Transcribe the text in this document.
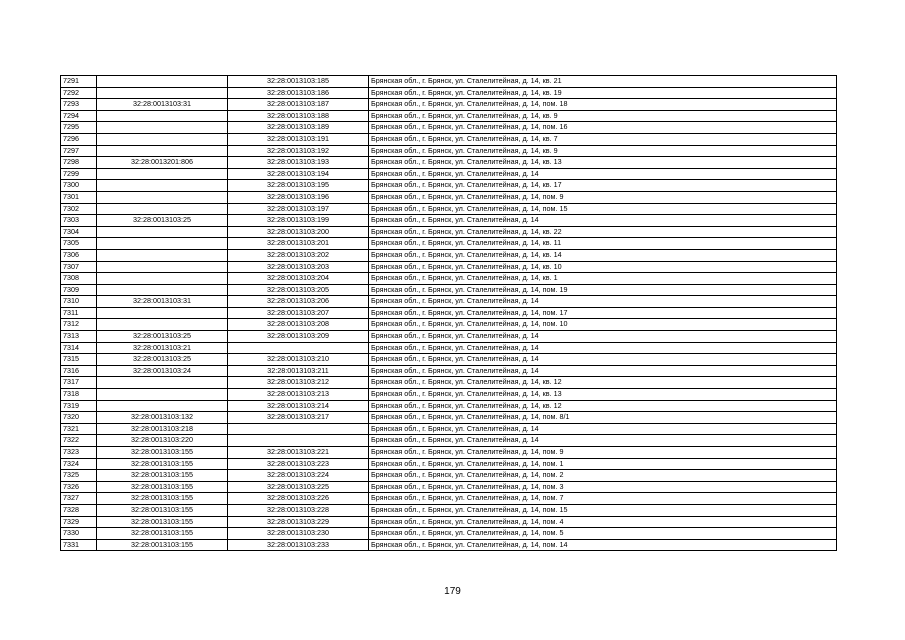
7291		32:28:0013103:185	Брянская обл., г. Брянск, ул. Сталелитейная, д. 14, кв. 21
7292		32:28:0013103:186	Брянская обл., г. Брянск, ул. Сталелитейная, д. 14, кв. 19
7293	32:28:0013103:31	32:28:0013103:187	Брянская обл., г. Брянск, ул. Сталелитейная, д. 14, пом. 18
7294		32:28:0013103:188	Брянская обл., г. Брянск, ул. Сталелитейная, д. 14, кв. 9
7295		32:28:0013103:189	Брянская обл., г. Брянск, ул. Сталелитейная, д. 14, пом. 16
7296		32:28:0013103:191	Брянская обл., г. Брянск, ул. Сталелитейная, д. 14, кв. 7
7297		32:28:0013103:192	Брянская обл., г. Брянск, ул. Сталелитейная, д. 14, кв. 9
7298	32:28:0013201:806	32:28:0013103:193	Брянская обл., г. Брянск, ул. Сталелитейная, д. 14, кв. 13
7299		32:28:0013103:194	Брянская обл., г. Брянск, ул. Сталелитейная, д. 14
7300		32:28:0013103:195	Брянская обл., г. Брянск, ул. Сталелитейная, д. 14, кв. 17
7301		32:28:0013103:196	Брянская обл., г. Брянск, ул. Сталелитейная, д. 14, пом. 9
7302		32:28:0013103:197	Брянская обл., г. Брянск, ул. Сталелитейная, д. 14, пом. 15
7303	32:28:0013103:25	32:28:0013103:199	Брянская обл., г. Брянск, ул. Сталелитейная, д. 14
7304		32:28:0013103:200	Брянская обл., г. Брянск, ул. Сталелитейная, д. 14, кв. 22
7305		32:28:0013103:201	Брянская обл., г. Брянск, ул. Сталелитейная, д. 14, кв. 11
7306		32:28:0013103:202	Брянская обл., г. Брянск, ул. Сталелитейная, д. 14, кв. 14
7307		32:28:0013103:203	Брянская обл., г. Брянск, ул. Сталелитейная, д. 14, кв. 10
7308		32:28:0013103:204	Брянская обл., г. Брянск, ул. Сталелитейная, д. 14, кв. 1
7309		32:28:0013103:205	Брянская обл., г. Брянск, ул. Сталелитейная, д. 14, пом. 19
7310	32:28:0013103:31	32:28:0013103:206	Брянская обл., г. Брянск, ул. Сталелитейная, д. 14
7311		32:28:0013103:207	Брянская обл., г. Брянск, ул. Сталелитейная, д. 14, пом. 17
7312		32:28:0013103:208	Брянская обл., г. Брянск, ул. Сталелитейная, д. 14, пом. 10
7313	32:28:0013103:25	32:28:0013103:209	Брянская обл., г. Брянск, ул. Сталелитейная, д. 14
7314	32:28:0013103:21		Брянская обл., г. Брянск, ул. Сталелитейная, д. 14
7315	32:28:0013103:25	32:28:0013103:210	Брянская обл., г. Брянск, ул. Сталелитейная, д. 14
7316	32:28:0013103:24	32:28:0013103:211	Брянская обл., г. Брянск, ул. Сталелитейная, д. 14
7317		32:28:0013103:212	Брянская обл., г. Брянск, ул. Сталелитейная, д. 14, кв. 12
7318		32:28:0013103:213	Брянская обл., г. Брянск, ул. Сталелитейная, д. 14, кв. 13
7319		32:28:0013103:214	Брянская обл., г. Брянск, ул. Сталелитейная, д. 14, кв. 12
7320	32:28:0013103:132	32:28:0013103:217	Брянская обл., г. Брянск, ул. Сталелитейная, д. 14, пом. 8/1
7321	32:28:0013103:218		Брянская обл., г. Брянск, ул. Сталелитейная, д. 14
7322	32:28:0013103:220		Брянская обл., г. Брянск, ул. Сталелитейная, д. 14
7323	32:28:0013103:155	32:28:0013103:221	Брянская обл., г. Брянск, ул. Сталелитейная, д. 14, пом. 9
7324	32:28:0013103:155	32:28:0013103:223	Брянская обл., г. Брянск, ул. Сталелитейная, д. 14, пом. 1
7325	32:28:0013103:155	32:28:0013103:224	Брянская обл., г. Брянск, ул. Сталелитейная, д. 14, пом. 2
7326	32:28:0013103:155	32:28:0013103:225	Брянская обл., г. Брянск, ул. Сталелитейная, д. 14, пом. 3
7327	32:28:0013103:155	32:28:0013103:226	Брянская обл., г. Брянск, ул. Сталелитейная, д. 14, пом. 7
7328	32:28:0013103:155	32:28:0013103:228	Брянская обл., г. Брянск, ул. Сталелитейная, д. 14, пом. 15
7329	32:28:0013103:155	32:28:0013103:229	Брянская обл., г. Брянск, ул. Сталелитейная, д. 14, пом. 4
7330	32:28:0013103:155	32:28:0013103:230	Брянская обл., г. Брянск, ул. Сталелитейная, д. 14, пом. 5
7331	32:28:0013103:155	32:28:0013103:233	Брянская обл., г. Брянск, ул. Сталелитейная, д. 14, пом. 14
179
